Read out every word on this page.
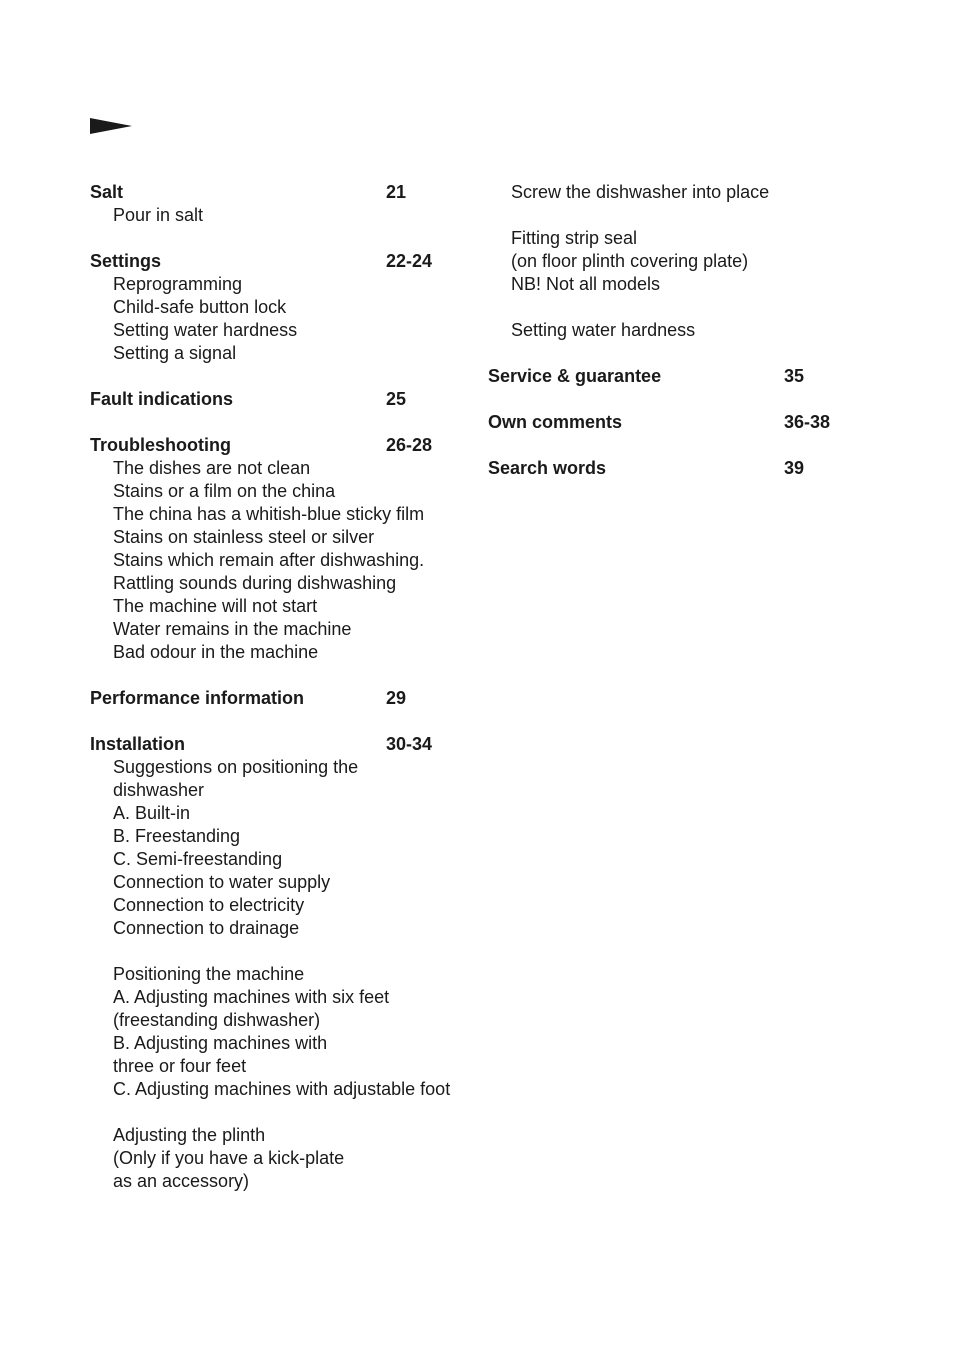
Salt	21
Pour in salt
Settings	22-24
Reprogramming
Child-safe button lock
Setting water hardness
Setting a signal
Fault indications	25
Troubleshooting	26-28
The dishes are not clean
Stains or a film on the china
The china has a whitish-blue sticky film
Stains on stainless steel or silver
Stains which remain after dishwashing.
Rattling sounds during dishwashing
The machine will not start
Water remains in the machine
Bad odour in the machine
Performance information	29
Installation	30-34
Suggestions on positioning the
dishwasher
A. Built-in
B. Freestanding
C. Semi-freestanding
Connection to water supply
Connection to electricity
Connection to drainage
Positioning the machine
A. Adjusting machines with six feet
(freestanding dishwasher)
B. Adjusting machines with
three or four feet
C. Adjusting machines with adjustable foot
Adjusting the plinth
(Only if you have a kick-plate
as an accessory)
Screw the dishwasher into place
Fitting strip seal
(on floor plinth covering plate)
NB! Not all models
Setting water hardness
Service & guarantee	35
Own comments	36-38
Search words	39
